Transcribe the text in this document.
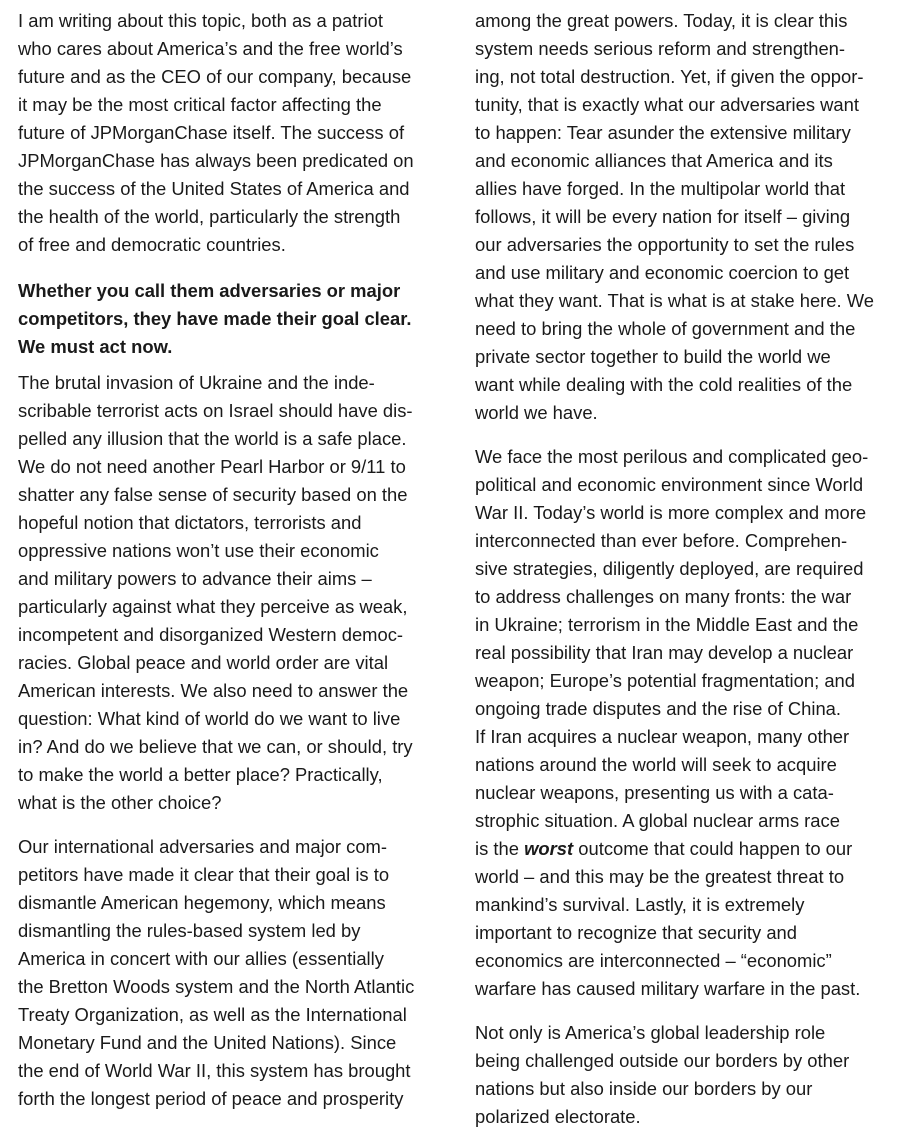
I am writing about this topic, both as a patriot
who cares about America’s and the free world’s
future and as the CEO of our company, because
it may be the most critical factor affecting the
future of JPMorganChase itself. The success of
JPMorganChase has always been predicated on
the success of the United States of America and
the health of the world, particularly the strength
of free and democratic countries.
Whether you call them adversaries or major
competitors, they have made their goal clear.
We must act now.
The brutal invasion of Ukraine and the inde-
scribable terrorist acts on Israel should have dis-
pelled any illusion that the world is a safe place.
We do not need another Pearl Harbor or 9/11 to
shatter any false sense of security based on the
hopeful notion that dictators, terrorists and
oppressive nations won’t use their economic
and military powers to advance their aims –
particularly against what they perceive as weak,
incompetent and disorganized Western democ-
racies. Global peace and world order are vital
American interests. We also need to answer the
question: What kind of world do we want to live
in? And do we believe that we can, or should, try
to make the world a better place? Practically,
what is the other choice?
Our international adversaries and major com-
petitors have made it clear that their goal is to
dismantle American hegemony, which means
dismantling the rules-based system led by
America in concert with our allies (essentially
the Bretton Woods system and the North Atlantic
Treaty Organization, as well as the International
Monetary Fund and the United Nations). Since
the end of World War II, this system has brought
forth the longest period of peace and prosperity
among the great powers. Today, it is clear this
system needs serious reform and strengthen-
ing, not total destruction. Yet, if given the oppor-
tunity, that is exactly what our adversaries want
to happen: Tear asunder the extensive military
and economic alliances that America and its
allies have forged. In the multipolar world that
follows, it will be every nation for itself – giving
our adversaries the opportunity to set the rules
and use military and economic coercion to get
what they want. That is what is at stake here. We
need to bring the whole of government and the
private sector together to build the world we
want while dealing with the cold realities of the
world we have.
We face the most perilous and complicated geo-
political and economic environment since World
War II. Today’s world is more complex and more
interconnected than ever before. Comprehen-
sive strategies, diligently deployed, are required
to address challenges on many fronts: the war
in Ukraine; terrorism in the Middle East and the
real possibility that Iran may develop a nuclear
weapon; Europe’s potential fragmentation; and
ongoing trade disputes and the rise of China.
If Iran acquires a nuclear weapon, many other
nations around the world will seek to acquire
nuclear weapons, presenting us with a cata-
strophic situation. A global nuclear arms race
is the worst outcome that could happen to our
world – and this may be the greatest threat to
mankind’s survival. Lastly, it is extremely
important to recognize that security and
economics are interconnected – “economic”
warfare has caused military warfare in the past.
Not only is America’s global leadership role
being challenged outside our borders by other
nations but also inside our borders by our
polarized electorate.
